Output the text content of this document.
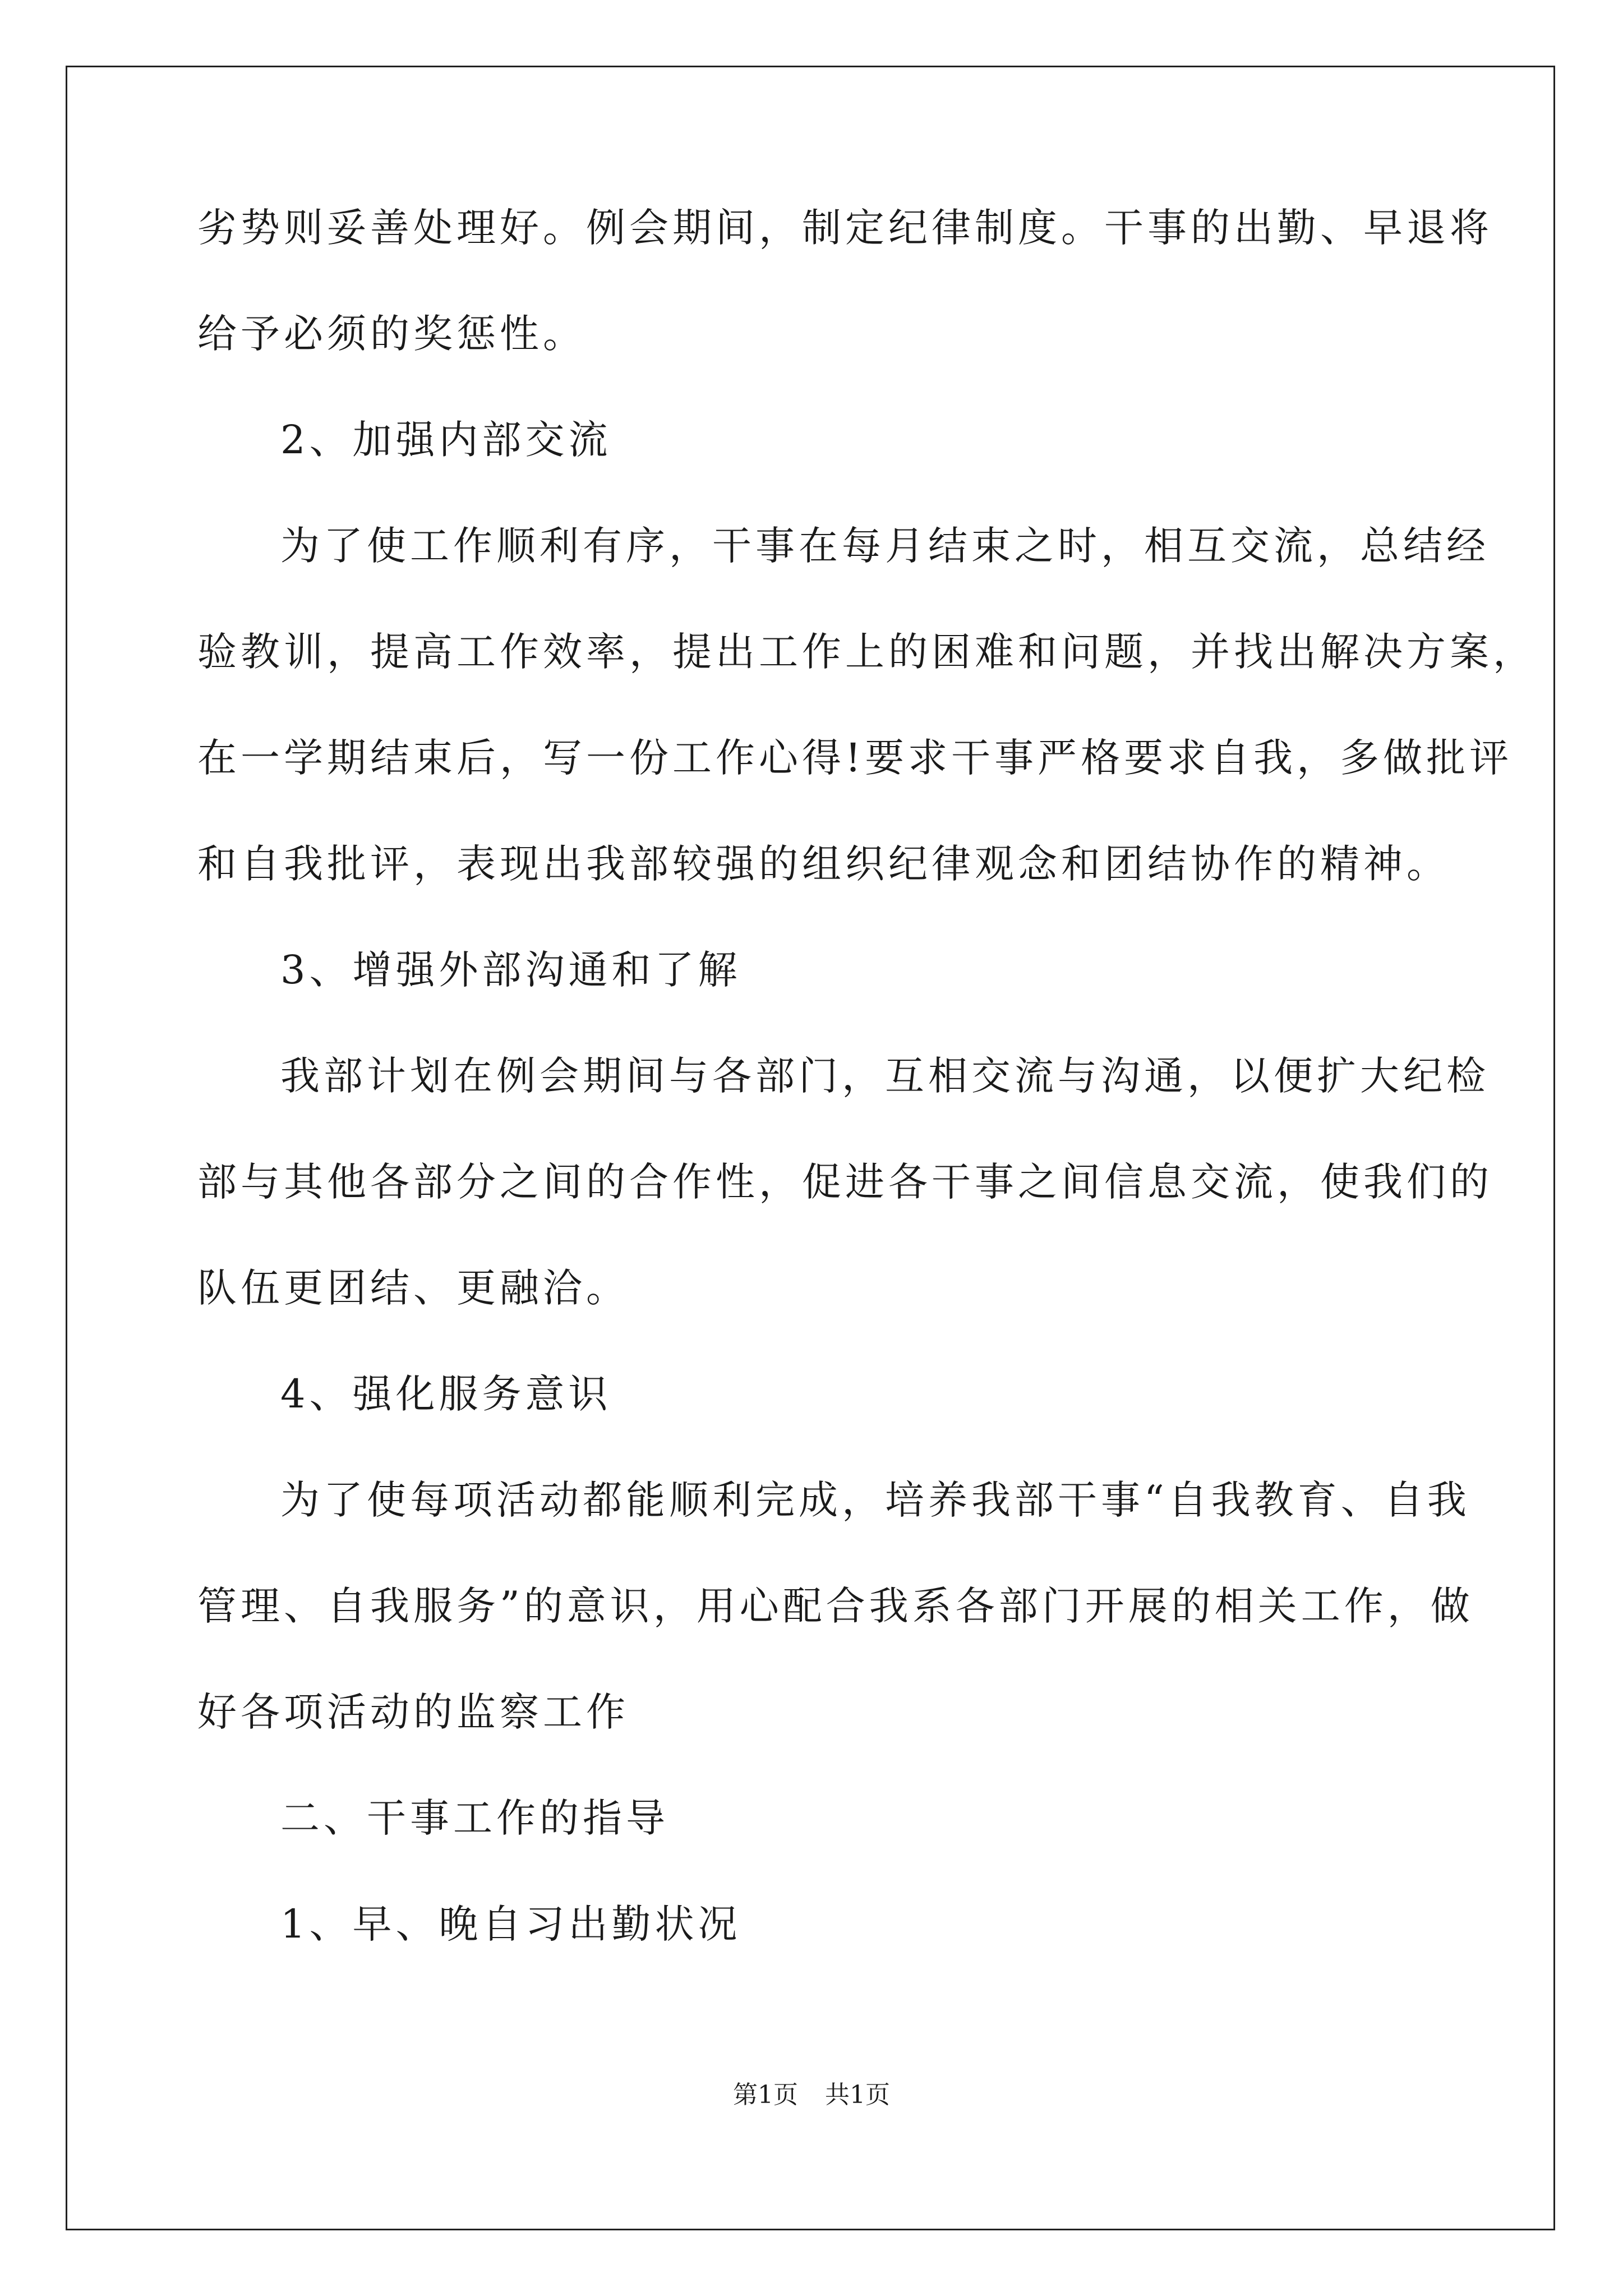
劣势则妥善处理好。例会期间，制定纪律制度。干事的出勤、早退将

给予必须的奖惩性。

2、加强内部交流

为了使工作顺利有序，干事在每月结束之时，相互交流，总结经

验教训，提高工作效率，提出工作上的困难和问题，并找出解决方案，

在一学期结束后，写一份工作心得!要求干事严格要求自我，多做批评

和自我批评，表现出我部较强的组织纪律观念和团结协作的精神。

3、增强外部沟通和了解

我部计划在例会期间与各部门，互相交流与沟通，以便扩大纪检

部与其他各部分之间的合作性，促进各干事之间信息交流，使我们的

队伍更团结、更融洽。

4、强化服务意识

为了使每项活动都能顺利完成，培养我部干事“自我教育、自我

管理、自我服务”的意识，用心配合我系各部门开展的相关工作，做

好各项活动的监察工作

二、干事工作的指导

1、早、晚自习出勤状况

第1页 共1页
